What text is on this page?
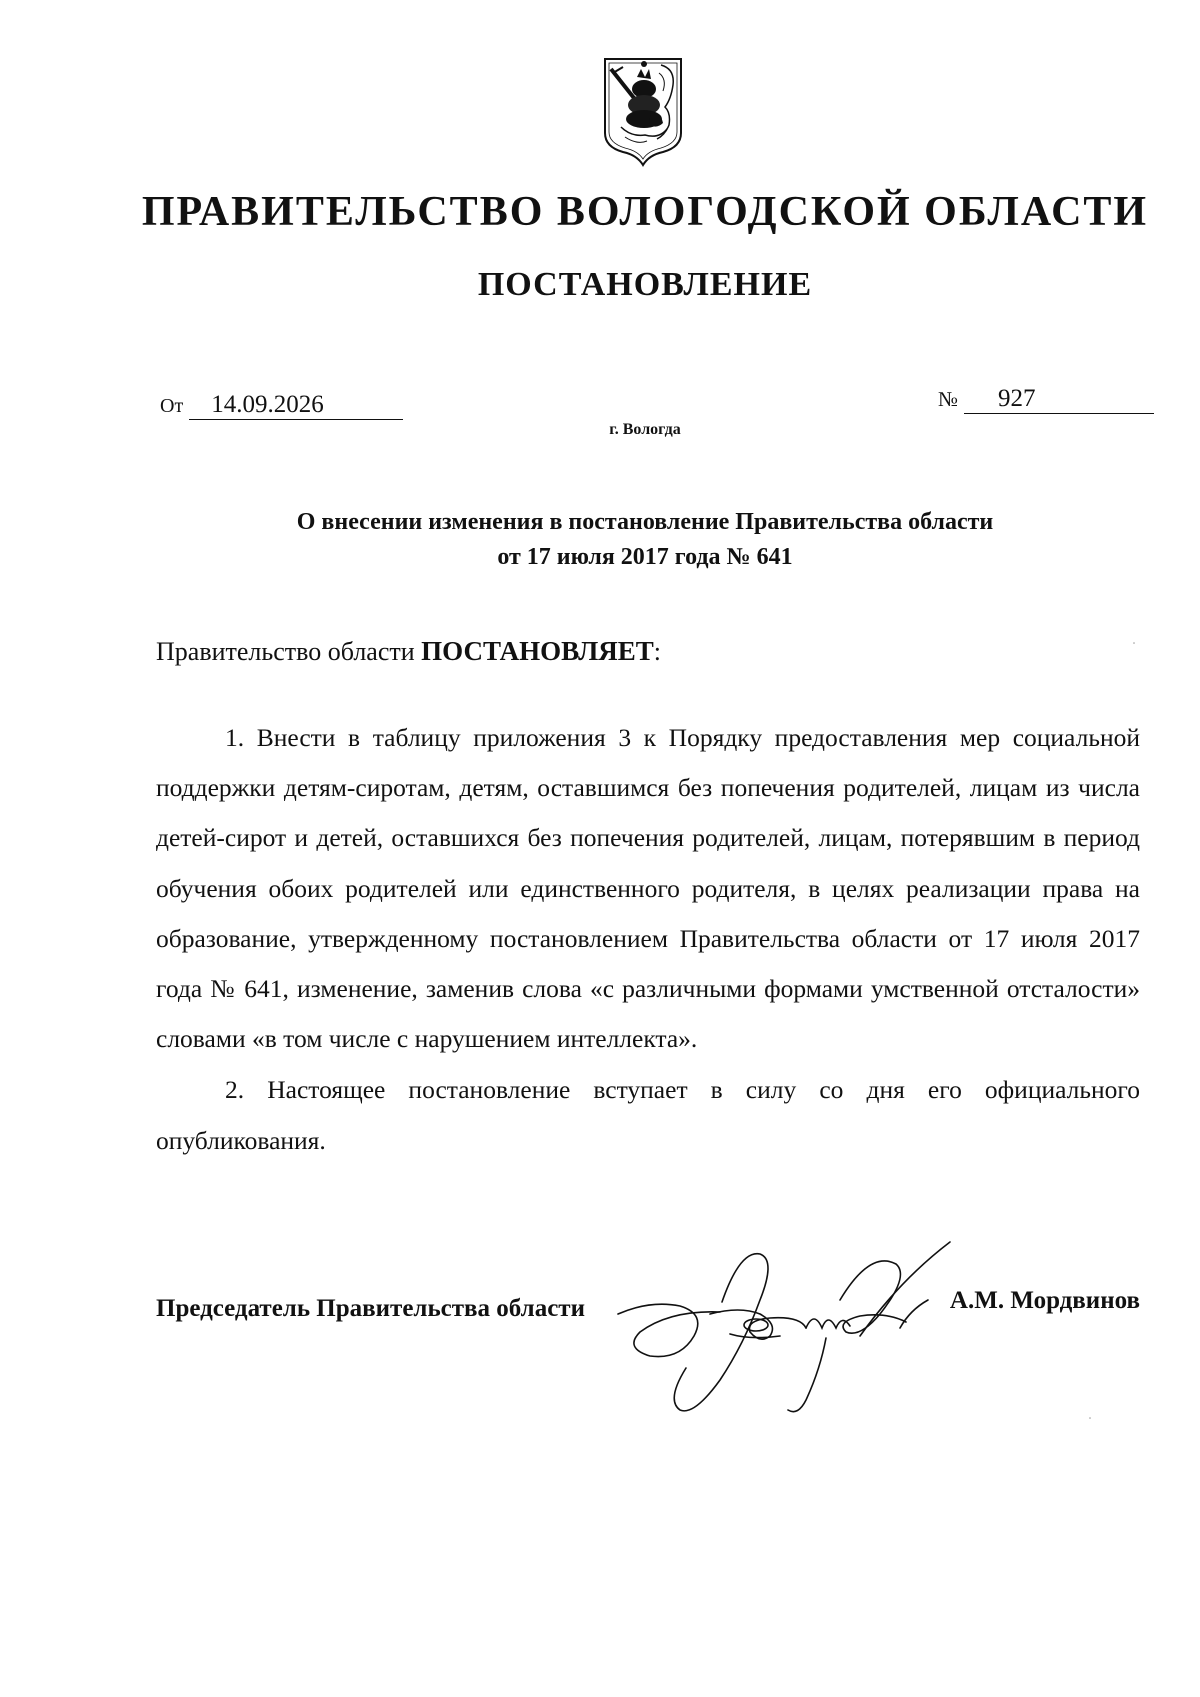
ПРАВИТЕЛЬСТВО ВОЛОГОДСКОЙ ОБЛАСТИ
ПОСТАНОВЛЕНИЕ
От 14.09.2026	№ 927
г. Вологда
О внесении изменения в постановление Правительства области
от 17 июля 2017 года № 641
Правительство области ПОСТАНОВЛЯЕТ:

1. Внести в таблицу приложения 3 к Порядку предоставления мер социальной поддержки детям-сиротам, детям, оставшимся без попечения родителей, лицам из числа детей-сирот и детей, оставшихся без попечения родителей, лицам, потерявшим в период обучения обоих родителей или единственного родителя, в целях реализации права на образование, утвержденному постановлением Правительства области от 17 июля 2017 года № 641, изменение, заменив слова «с различными формами умственной отсталости» словами «в том числе с нарушением интеллекта».

2. Настоящее постановление вступает в силу со дня его официального опубликования.

Председатель Правительства области	А.М. Мордвинов
